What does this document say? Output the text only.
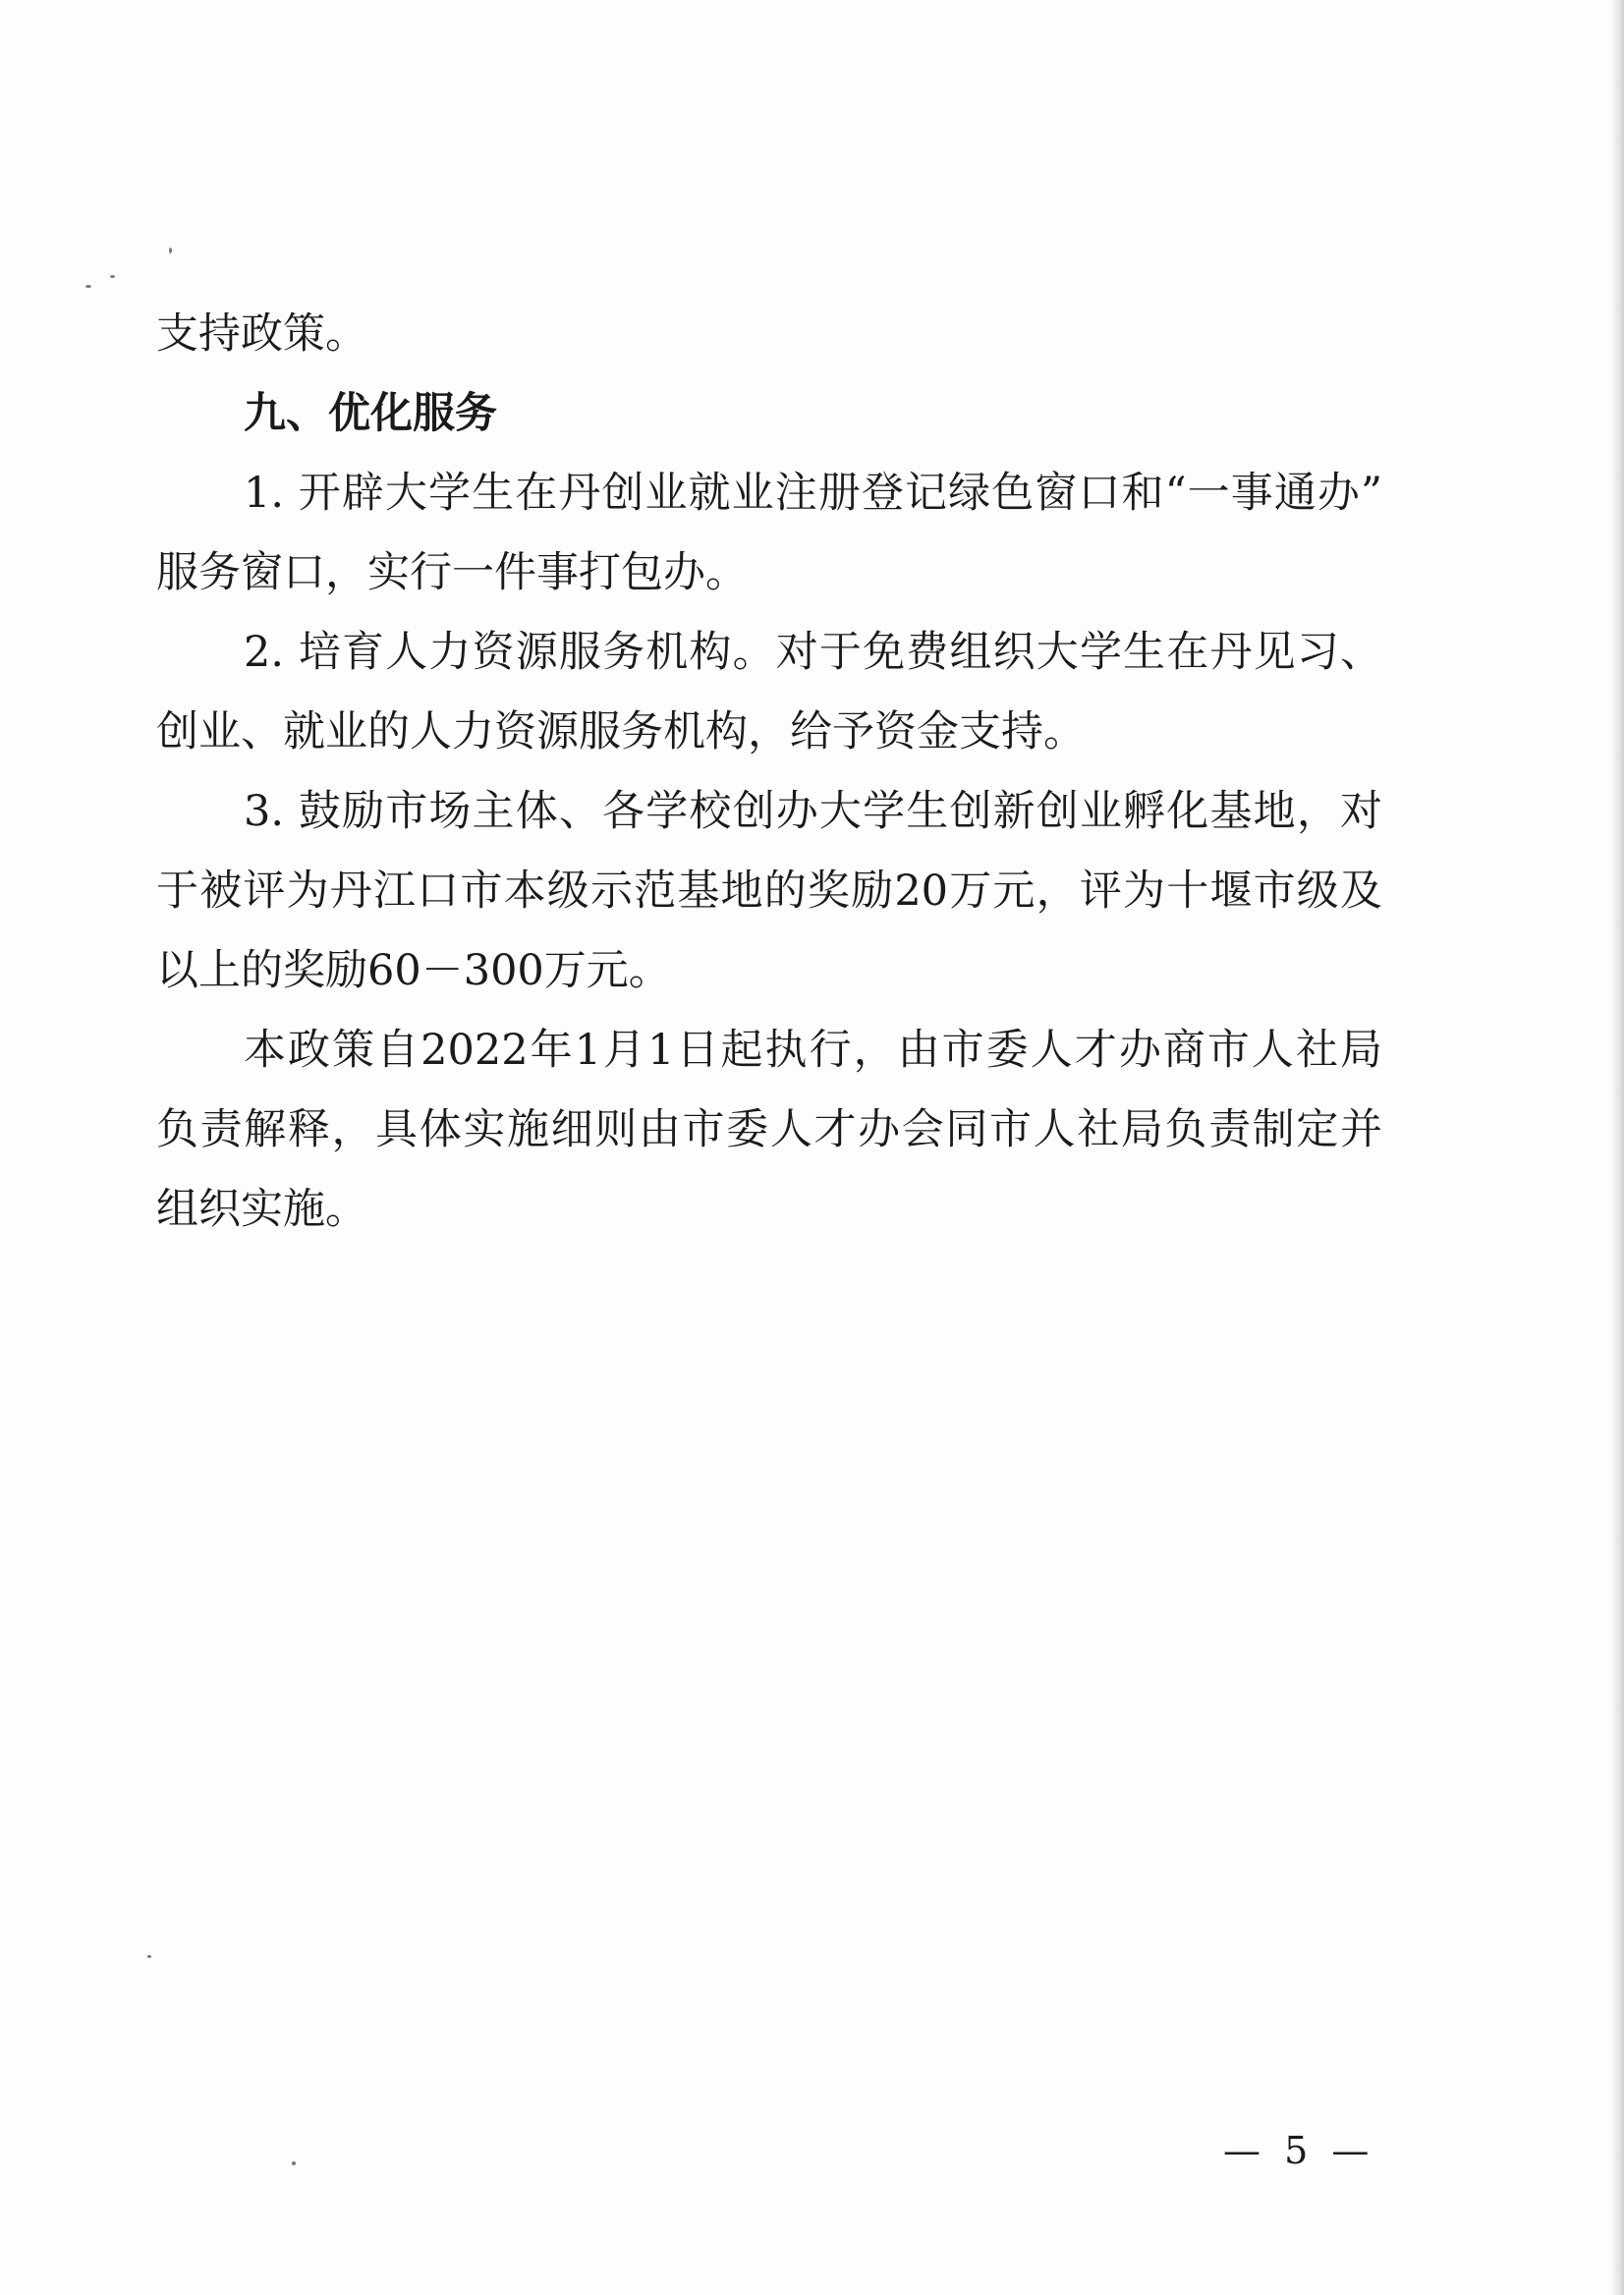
支持政策。
九、优化服务
1. 开辟大学生在丹创业就业注册登记绿色窗口和“一事通办”
服务窗口，实行一件事打包办。
2. 培育人力资源服务机构。对于免费组织大学生在丹见习、
创业、就业的人力资源服务机构，给予资金支持。
3. 鼓励市场主体、各学校创办大学生创新创业孵化基地，对
于被评为丹江口市本级示范基地的奖励20万元，评为十堰市级及
以上的奖励60－300万元。
本政策自2022年1月1日起执行，由市委人才办商市人社局
负责解释，具体实施细则由市委人才办会同市人社局负责制定并
组织实施。
— 5 —
